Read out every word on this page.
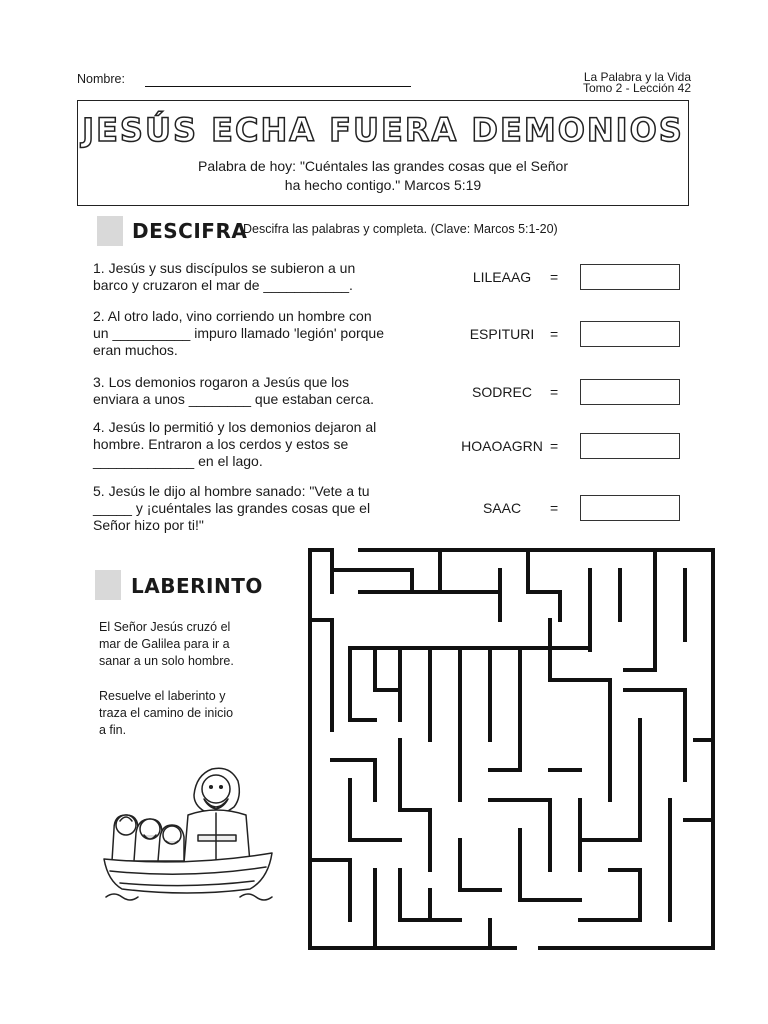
Nombre:	La Palabra y la Vida
Tomo 2 - Lección 42
JESÚS ECHA FUERA DEMONIOS
Palabra de hoy: "Cuéntales las grandes cosas que el Señor
ha hecho contigo." Marcos 5:19
DESCIFRA
Descifra las palabras y completa. (Clave: Marcos 5:1-20)
1. Jesús y sus discípulos se subieron a un
barco y cruzaron el mar de ___________.	LILEAAG	=
2. Al otro lado, vino corriendo un hombre con
un __________ impuro llamado 'legión' porque
eran muchos.
ESPITURI	=
3. Los demonios rogaron a Jesús que los
enviara a unos ________ que estaban cerca.	SODREC	=
4. Jesús lo permitió y los demonios dejaron al
hombre. Entraron a los cerdos y estos se
_____________ en el lago.
HOAOAGRN =
5. Jesús le dijo al hombre sanado: "Vete a tu
_____ y ¡cuéntales las grandes cosas que el
Señor hizo por ti!"
SAAC	=
LABERINTO
El Señor Jesús cruzó el
mar de Galilea para ir a
sanar a un solo hombre.
Resuelve el laberinto y
traza el camino de inicio
a fin.
